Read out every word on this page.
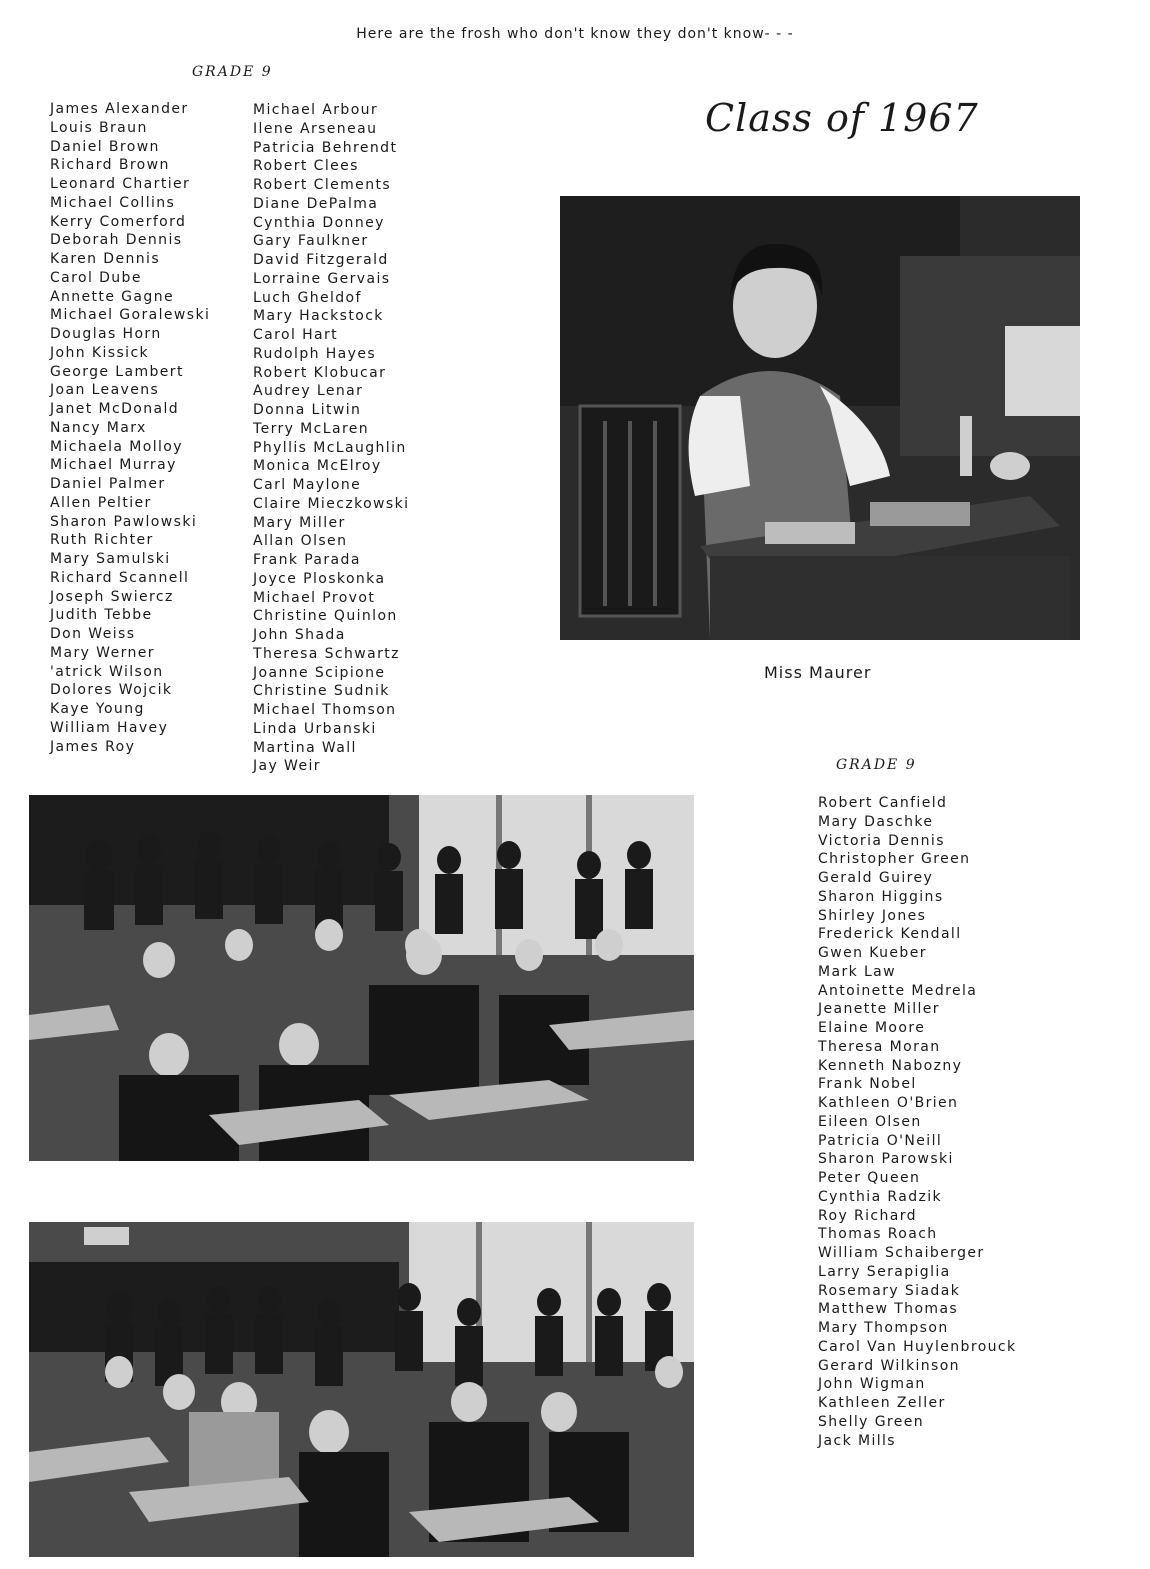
Here are the frosh who don't know they don't know- - -
GRADE 9
James Alexander
Louis Braun
Daniel Brown
Richard Brown
Leonard Chartier
Michael Collins
Kerry Comerford
Deborah Dennis
Karen Dennis
Carol Dube
Annette Gagne
Michael Goralewski
Douglas Horn
John Kissick
George Lambert
Joan Leavens
Janet McDonald
Nancy Marx
Michaela Molloy
Michael Murray
Daniel Palmer
Allen Peltier
Sharon Pawlowski
Ruth Richter
Mary Samulski
Richard Scannell
Joseph Swiercz
Judith Tebbe
Don Weiss
Mary Werner
'atrick Wilson
Dolores Wojcik
Kaye Young
William Havey
James Roy
Michael Arbour
Ilene Arseneau
Patricia Behrendt
Robert Clees
Robert Clements
Diane DePalma
Cynthia Donney
Gary Faulkner
David Fitzgerald
Lorraine Gervais
Luch Gheldof
Mary Hackstock
Carol Hart
Rudolph Hayes
Robert Klobucar
Audrey Lenar
Donna Litwin
Terry McLaren
Phyllis McLaughlin
Monica McElroy
Carl Maylone
Claire Mieczkowski
Mary Miller
Allan Olsen
Frank Parada
Joyce Ploskonka
Michael Provot
Christine Quinlon
John Shada
Theresa Schwartz
Joanne Scipione
Christine Sudnik
Michael Thomson
Linda Urbanski
Martina Wall
Jay Weir
Class of 1967
Miss Maurer
GRADE 9
Robert Canfield
Mary Daschke
Victoria Dennis
Christopher Green
Gerald Guirey
Sharon Higgins
Shirley Jones
Frederick Kendall
Gwen Kueber
Mark Law
Antoinette Medrela
Jeanette Miller
Elaine Moore
Theresa Moran
Kenneth Nabozny
Frank Nobel
Kathleen O'Brien
Eileen Olsen
Patricia O'Neill
Sharon Parowski
Peter Queen
Cynthia Radzik
Roy Richard
Thomas Roach
William Schaiberger
Larry Serapiglia
Rosemary Siadak
Matthew Thomas
Mary Thompson
Carol Van Huylenbrouck
Gerard Wilkinson
John Wigman
Kathleen Zeller
Shelly Green
Jack Mills
